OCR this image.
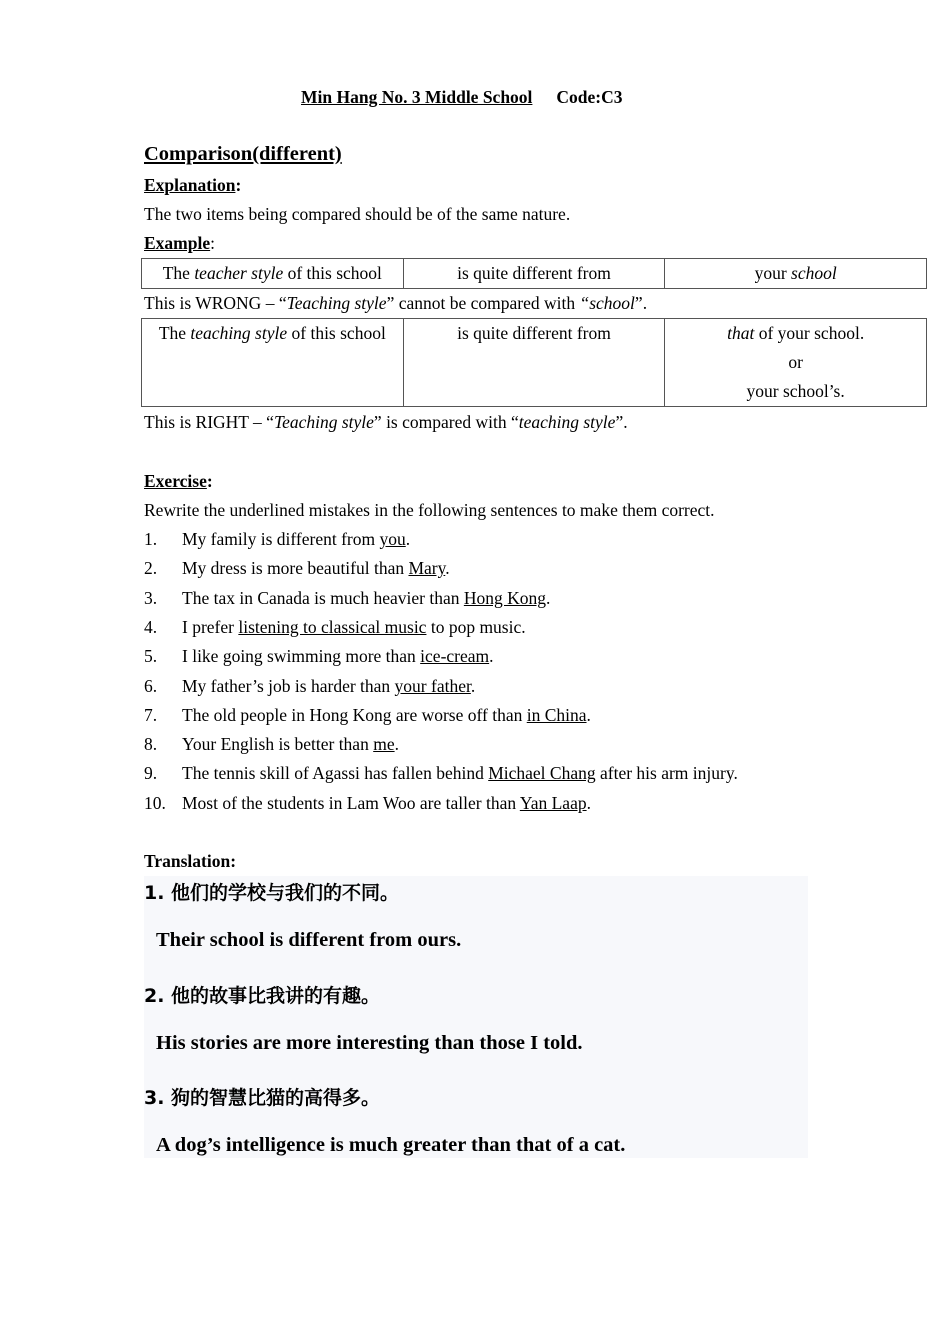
Min Hang No. 3 Middle School Code:C3
Comparison(different)
Explanation:
The two items being compared should be of the same nature.
Example:
The teacher style of this school	is quite different from	your school
This is WRONG – “Teaching style” cannot be compared with “school”.
The teaching style of this school	is quite different from	that of your school.
or
your school’s.
This is RIGHT – “Teaching style” is compared with “teaching style”.
Exercise:
Rewrite the underlined mistakes in the following sentences to make them correct.
1. My family is different from you.
2. My dress is more beautiful than Mary.
3. The tax in Canada is much heavier than Hong Kong.
4. I prefer listening to classical music to pop music.
5. I like going swimming more than ice-cream.
6. My father’s job is harder than your father.
7. The old people in Hong Kong are worse off than in China.
8. Your English is better than me.
9. The tennis skill of Agassi has fallen behind Michael Chang after his arm injury.
10. Most of the students in Lam Woo are taller than Yan Laap.
Translation:
1. 他们的学校与我们的不同。
Their school is different from ours.
2. 他的故事比我讲的有趣。
His stories are more interesting than those I told.
3. 狗的智慧比猫的高得多。
A dog’s intelligence is much greater than that of a cat.
